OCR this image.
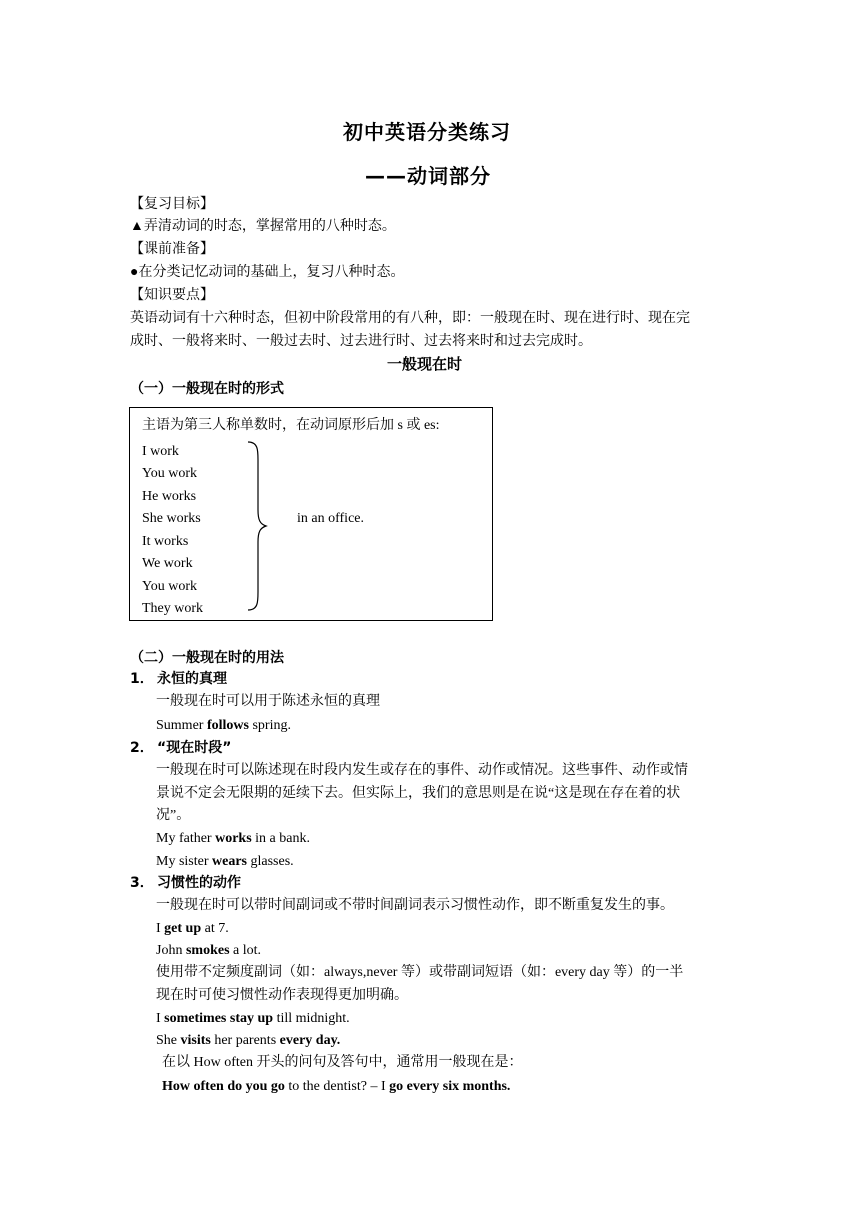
初中英语分类练习
——动词部分
【复习目标】
▲弄清动词的时态，掌握常用的八种时态。
【课前准备】
●在分类记忆动词的基础上，复习八种时态。
【知识要点】
英语动词有十六种时态，但初中阶段常用的有八种，即：一般现在时、现在进行时、现在完
成时、一般将来时、一般过去时、过去进行时、过去将来时和过去完成时。
一般现在时
（一）一般现在时的形式
主语为第三人称单数时，在动词原形后加 s 或 es:
I work
You work
He works
She works
It works
We work
You work
They work
in an office.
（二）一般现在时的用法
1． 永恒的真理
一般现在时可以用于陈述永恒的真理
Summer follows spring.
2． “现在时段”
一般现在时可以陈述现在时段内发生或存在的事件、动作或情况。这些事件、动作或情
景说不定会无限期的延续下去。但实际上，我们的意思则是在说“这是现在存在着的状
况”。
My father works in a bank.
My sister wears glasses.
3． 习惯性的动作
一般现在时可以带时间副词或不带时间副词表示习惯性动作，即不断重复发生的事。
I get up at 7.
John smokes a lot.
使用带不定频度副词（如：always,never 等）或带副词短语（如：every day 等）的一半
现在时可使习惯性动作表现得更加明确。
I sometimes stay up till midnight.
She visits her parents every day.
在以 How often 开头的问句及答句中，通常用一般现在是：
How often do you go to the dentist? – I go every six months.
